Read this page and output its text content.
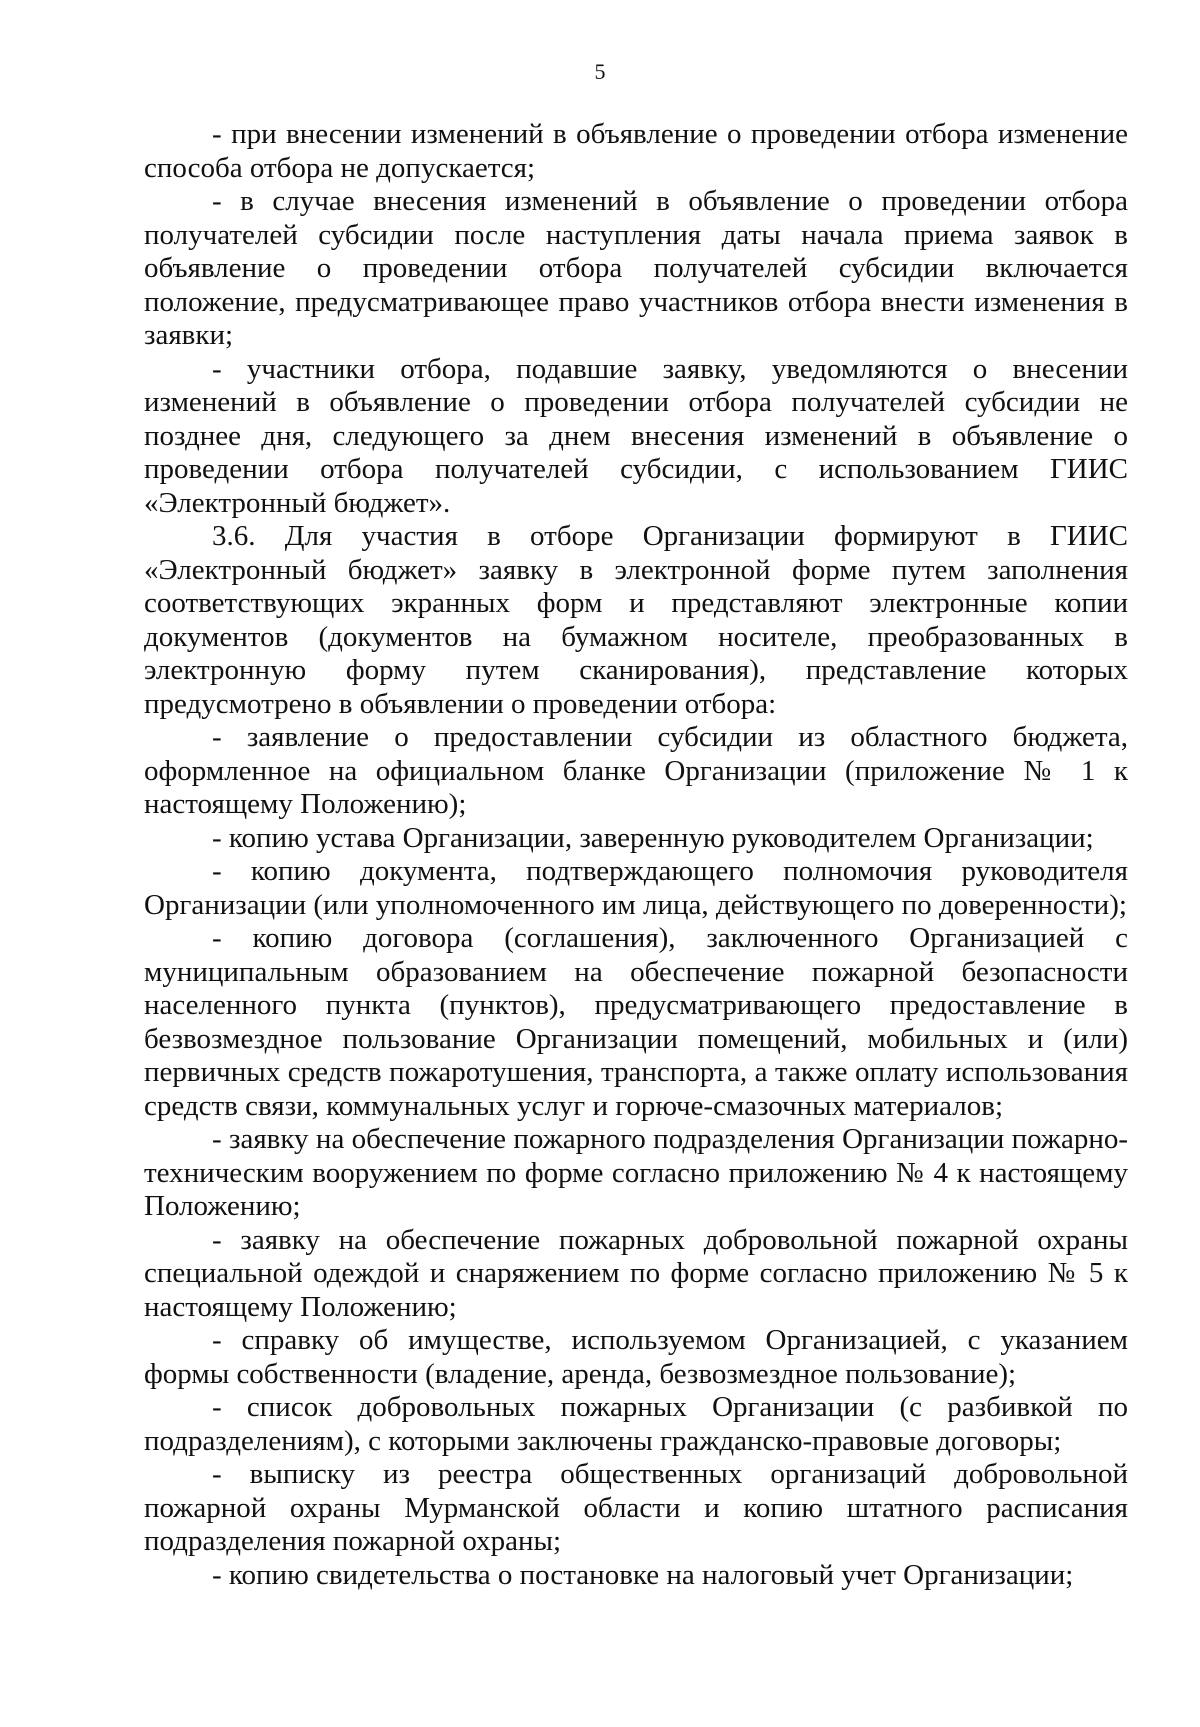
5

- при внесении изменений в объявление о проведении отбора изменение способа отбора не допускается;

- в случае внесения изменений в объявление о проведении отбора получателей субсидии после наступления даты начала приема заявок в объявление о проведении отбора получателей субсидии включается положение, предусматривающее право участников отбора внести изменения в заявки;

- участники отбора, подавшие заявку, уведомляются о внесении изменений в объявление о проведении отбора получателей субсидии не позднее дня, следующего за днем внесения изменений в объявление о проведении отбора получателей субсидии, с использованием ГИИС «Электронный бюджет».

3.6. Для участия в отборе Организации формируют в ГИИС «Электронный бюджет» заявку в электронной форме путем заполнения соответствующих экранных форм и представляют электронные копии документов (документов на бумажном носителе, преобразованных в электронную форму путем сканирования), представление которых предусмотрено в объявлении о проведении отбора:

- заявление о предоставлении субсидии из областного бюджета, оформленное на официальном бланке Организации (приложение № 1 к настоящему Положению);

- копию устава Организации, заверенную руководителем Организации;

- копию документа, подтверждающего полномочия руководителя Организации (или уполномоченного им лица, действующего по доверенности);

- копию договора (соглашения), заключенного Организацией с муниципальным образованием на обеспечение пожарной безопасности населенного пункта (пунктов), предусматривающего предоставление в безвозмездное пользование Организации помещений, мобильных и (или) первичных средств пожаротушения, транспорта, а также оплату использования средств связи, коммунальных услуг и горюче-смазочных материалов;

- заявку на обеспечение пожарного подразделения Организации пожарно-техническим вооружением по форме согласно приложению № 4 к настоящему Положению;

- заявку на обеспечение пожарных добровольной пожарной охраны специальной одеждой и снаряжением по форме согласно приложению № 5 к настоящему Положению;

- справку об имуществе, используемом Организацией, с указанием формы собственности (владение, аренда, безвозмездное пользование);

- список добровольных пожарных Организации (с разбивкой по подразделениям), с которыми заключены гражданско-правовые договоры;

- выписку из реестра общественных организаций добровольной пожарной охраны Мурманской области и копию штатного расписания подразделения пожарной охраны;

- копию свидетельства о постановке на налоговый учет Организации;
